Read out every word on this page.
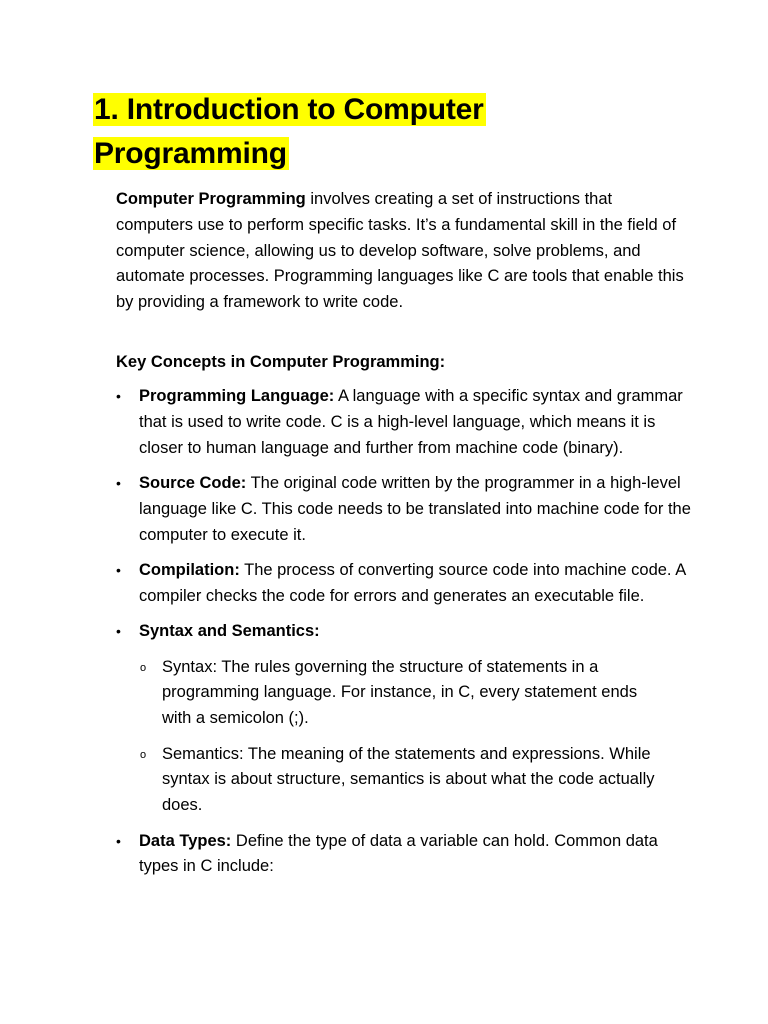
1. Introduction to Computer
Programming

Computer Programming involves creating a set of instructions that computers use to perform specific tasks. It’s a fundamental skill in the field of computer science, allowing us to develop software, solve problems, and automate processes. Programming languages like C are tools that enable this by providing a framework to write code.

Key Concepts in Computer Programming:

• Programming Language: A language with a specific syntax and grammar that is used to write code. C is a high-level language, which means it is closer to human language and further from machine code (binary).
• Source Code: The original code written by the programmer in a high-level language like C. This code needs to be translated into machine code for the computer to execute it.
• Compilation: The process of converting source code into machine code. A compiler checks the code for errors and generates an executable file.
• Syntax and Semantics:
o Syntax: The rules governing the structure of statements in a programming language. For instance, in C, every statement ends with a semicolon (;).
o Semantics: The meaning of the statements and expressions. While syntax is about structure, semantics is about what the code actually does.
• Data Types: Define the type of data a variable can hold. Common data types in C include:
